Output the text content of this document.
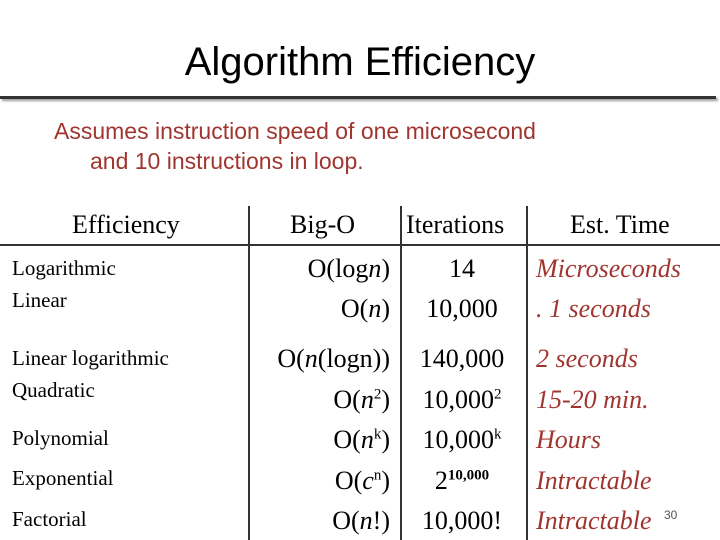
Algorithm Efficiency
Assumes instruction speed of one microsecond
and 10 instructions in loop.
Efficiency	Big-O Iterations	Est. Time
Logarithmic
Linear
Linear logarithmic
Quadratic
Polynomial
Exponential
Factorial
O(logn)
O(n)
O(n(logn))
$O(n^2)$
$O(n^k)$
$O(c^n)$
O(n!)
14
10,000
140,000
10,000$^2$
10,000$^k$
2$^{10,000}$
10,000!
Microseconds
. 1 seconds
2 seconds
15-20 min.
Hours
Intractable
Intractable 30
